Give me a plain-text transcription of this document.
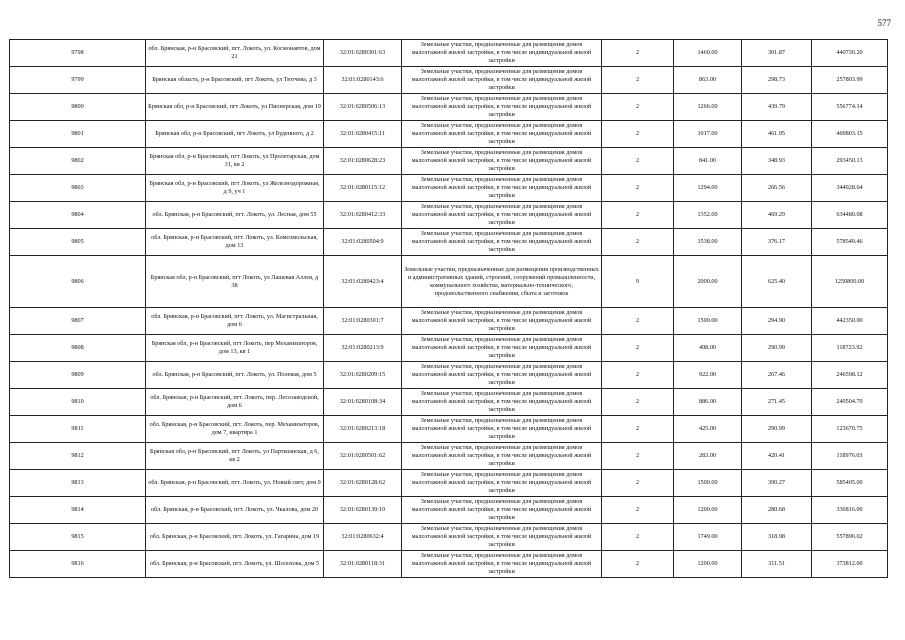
577
9798	обл. Брянская, р-н Брасовский, пгт. Локоть, ул. Космонавтов, дом 21	32:01:0280301:63	Земельные участки, предназначенные для размещения домов малоэтажной жилой застройки, в том числе индивидуальной жилой застройки	2	1460.00	301.87	440730.20
9799	Брянская область, р-н Брасовский, пгт Локоть, ул Тютчева, д 3	32:01:0280143:6	Земельные участки, предназначенные для размещения домов малоэтажной жилой застройки, в том числе индивидуальной жилой застройки	2	863.00	298.73	257803.99
9800	Брянская обл, р-н Брасовский, пгт Локоть, ул Пионерская, дом 19	32:01:0280506:13	Земельные участки, предназначенные для размещения домов малоэтажной жилой застройки, в том числе индивидуальной жилой застройки	2	1266.00	439.79	556774.14
9801	Брянская обл, р-н Брасовский, пгт Локоть, ул Буденного, д 2	32:01:0280415:11	Земельные участки, предназначенные для размещения домов малоэтажной жилой застройки, в том числе индивидуальной жилой застройки	2	1017.00	461.95	469803.15
9802	Брянская обл, р-н Брасовский, пгт Локоть, ул Пролетарская, дом 31, кв 2	32:01:0280628:23	Земельные участки, предназначенные для размещения домов малоэтажной жилой застройки, в том числе индивидуальной жилой застройки	2	841.00	348.93	293450.13
9803	Брянская обл, р-н Брасовский, пгт Локоть, ул Железнодорожная, д 9, уч 1	32:01:0280115:12	Земельные участки, предназначенные для размещения домов малоэтажной жилой застройки, в том числе индивидуальной жилой застройки	2	1294.00	266.56	344928.64
9804	обл. Брянская, р-н Брасовский, пгт. Локоть, ул. Лесная, дом 55	32:01:0280412:33	Земельные участки, предназначенные для размещения домов малоэтажной жилой застройки, в том числе индивидуальной жилой застройки	2	1352.00	469.29	634480.08
9805	обл. Брянская, р-н Брасовский, пгт. Локоть, ул. Комсомольская, дом 13	32:01:0280504:9	Земельные участки, предназначенные для размещения домов малоэтажной жилой застройки, в том числе индивидуальной жилой застройки	2	1538.00	376.17	578549.46
9806	Брянская обл, р-н Брасовский, пгт Локоть, ул Лашевая Аллея, д 38	32:01:0280423:4	Земельные участки, предназначенные для размещения производственных и административных зданий, строений, сооружений промышленности, коммунального хозяйства, материально-технического, продовольственного снабжения, сбыта и заготовок	9	2000.00	625.40	1250800.00
9807	обл. Брянская, р-н Брасовский, пгт. Локоть, ул. Магистральная, дом 6	32:01:0280301:7	Земельные участки, предназначенные для размещения домов малоэтажной жилой застройки, в том числе индивидуальной жилой застройки	2	1500.00	294.90	442350.00
9808	Брянская обл, р-н Брасовский, пгт Локоть, пер Механизаторов, дом 13, кв 1	32:01:0280213:9	Земельные участки, предназначенные для размещения домов малоэтажной жилой застройки, в том числе индивидуальной жилой застройки	2	408.00	290.99	118723.92
9809	обл. Брянская, р-н Брасовский, пгт. Локоть, ул. Полевая, дом 5	32:01:0280209:15	Земельные участки, предназначенные для размещения домов малоэтажной жилой застройки, в том числе индивидуальной жилой застройки	2	922.00	267.46	246598.12
9810	обл. Брянская, р-н Брасовский, пгт. Локоть, пер. Лесозаводской, дом 6	32:01:0280108:34	Земельные участки, предназначенные для размещения домов малоэтажной жилой застройки, в том числе индивидуальной жилой застройки	2	886.00	271.45	240504.70
9811	обл. Брянская, р-н Брасовский, пгт. Локоть, пер. Механизаторов, дом 7, квартира 1	32:01:0280213:18	Земельные участки, предназначенные для размещения домов малоэтажной жилой застройки, в том числе индивидуальной жилой застройки	2	425.00	290.99	123670.75
9812	Брянская обл, р-н Брасовский, пгт Локоть, ул Партизанская, д 6, кв 2	32:01:0280501:62	Земельные участки, предназначенные для размещения домов малоэтажной жилой застройки, в том числе индивидуальной жилой застройки	2	283.00	420.41	118976.03
9813	обл. Брянская, р-н Брасовский, пгт. Локоть, ул. Новый свет, дом 9	32:01:0280128:62	Земельные участки, предназначенные для размещения домов малоэтажной жилой застройки, в том числе индивидуальной жилой застройки	2	1500.00	390.27	585405.00
9814	обл. Брянская, р-н Брасовский, пгт. Локоть, ул. Чкалова, дом 20	32:01:0280139:10	Земельные участки, предназначенные для размещения домов малоэтажной жилой застройки, в том числе индивидуальной жилой застройки	2	1200.00	280.68	336816.00
9815	обл. Брянская, р-н Брасовский, пгт. Локоть, ул. Гагарина, дом 19	32:01:0280632:4	Земельные участки, предназначенные для размещения домов малоэтажной жилой застройки, в том числе индивидуальной жилой застройки	2	1749.00	318.98	557896.02
9816	обл. Брянская, р-н Брасовский, пгт. Локоть, ул. Шолохова, дом 5	32:01:0280118:31	Земельные участки, предназначенные для размещения домов малоэтажной жилой застройки, в том числе индивидуальной жилой застройки	2	1200.00	311.51	373812.00
